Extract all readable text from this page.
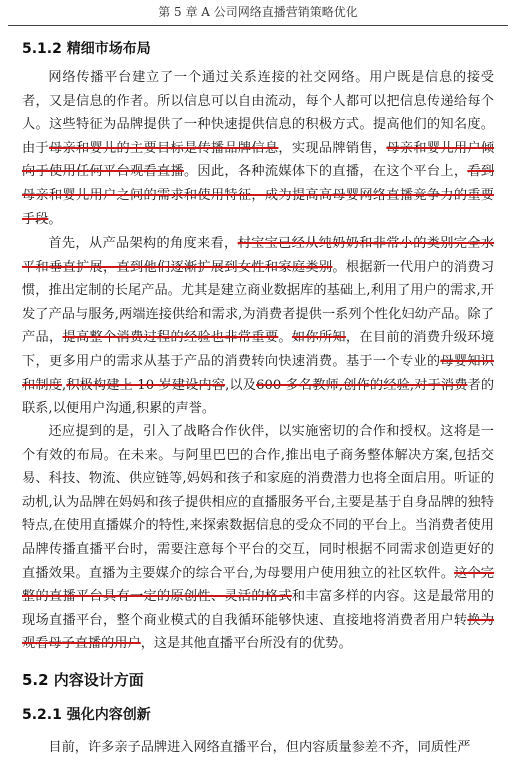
第 5 章 A 公司网络直播营销策略优化
5.1.2 精细市场布局

网络传播平台建立了一个通过关系连接的社交网络。用户既是信息的接受者，又是信息的作者。所以信息可以自由流动，每个人都可以把信息传递给每个人。这些特征为品牌提供了一种快速提供信息的积极方式。提高他们的知名度。由于母亲和婴儿的主要目标是传播品牌信息，实现品牌销售，母亲和婴儿用户倾向于使用任何平台观看直播。因此，各种流媒体下的直播，在这个平台上，看到母亲和婴儿用户之间的需求和使用特征，成为提高高母婴网络直播竞争力的重要手段。

首先，从产品架构的角度来看，村宝宝已经从纯奶奶和非常小的类别完全水平和垂直扩展，直到他们逐渐扩展到女性和家庭类别。根据新一代用户的消费习惯，推出定制的长尾产品。尤其是建立商业数据库的基础上,利用了用户的需求,开发了产品与服务,两端连接供给和需求,为消费者提供一系列个性化妇幼产品。除了产品，提高整个消费过程的经验也非常重要。如你所知，在目前的消费升级环境下，更多用户的需求从基于产品的消费转向快速消费。基于一个专业的母婴知识和制度,积极构建上 10 岁建设内容,以及600 多名教师,创作的经验,对于消费者的联系,以便用户沟通,积累的声誉。

还应提到的是，引入了战略合作伙伴，以实施密切的合作和授权。这将是一个有效的布局。在未来。与阿里巴巴的合作,推出电子商务整体解决方案,包括交易、科技、物流、供应链等,妈妈和孩子和家庭的消费潜力也将全面启用。听证的动机,认为品牌在妈妈和孩子提供相应的直播服务平台,主要是基于自身品牌的独特特点,在使用直播媒介的特性,来探索数据信息的受众不同的平台上。当消费者使用品牌传播直播平台时，需要注意每个平台的交互，同时根据不同需求创造更好的直播效果。直播为主要媒介的综合平台,为母婴用户使用独立的社区软件。这个完整的直播平台具有一定的原创性、灵活的格式和丰富多样的内容。这是最常用的现场直播平台，整个商业模式的自我循环能够快速、直接地将消费者用户转换为观看母子直播的用户，这是其他直播平台所没有的优势。

5.2 内容设计方面
5.2.1 强化内容创新

目前，许多亲子品牌进入网络直播平台，但内容质量参差不齐，同质性严
